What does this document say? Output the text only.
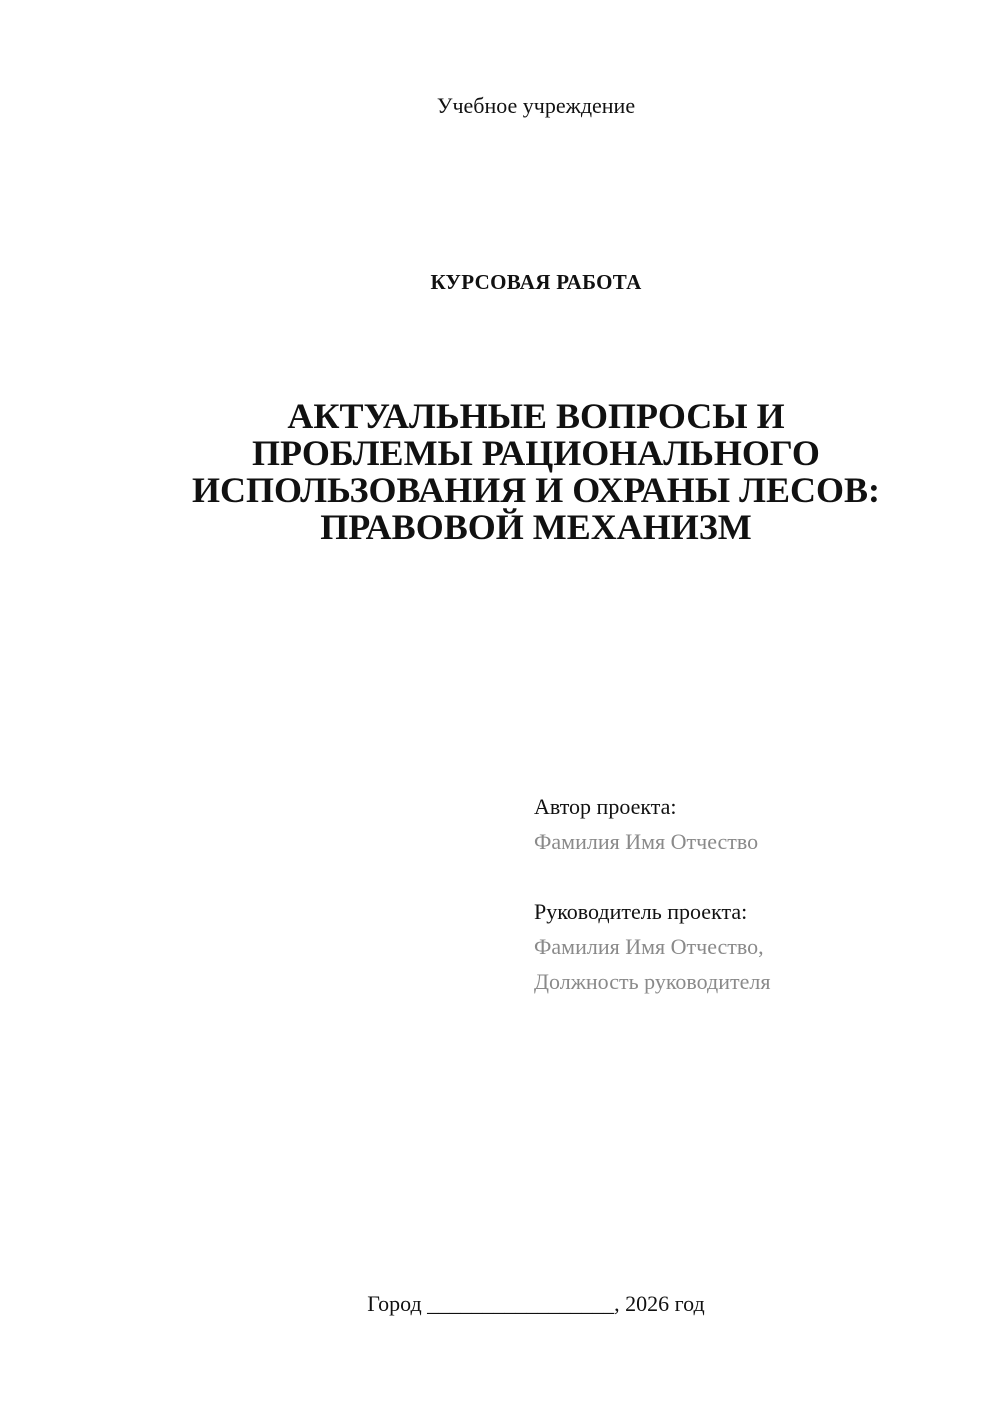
Учебное учреждение
КУРСОВАЯ РАБОТА
АКТУАЛЬНЫЕ ВОПРОСЫ И
ПРОБЛЕМЫ РАЦИОНАЛЬНОГО
ИСПОЛЬЗОВАНИЯ И ОХРАНЫ ЛЕСОВ:
ПРАВОВОЙ МЕХАНИЗМ
Автор проекта:
Фамилия Имя Отчество
Руководитель проекта:
Фамилия Имя Отчество,
Должность руководителя
Город _________________, 2026 год
